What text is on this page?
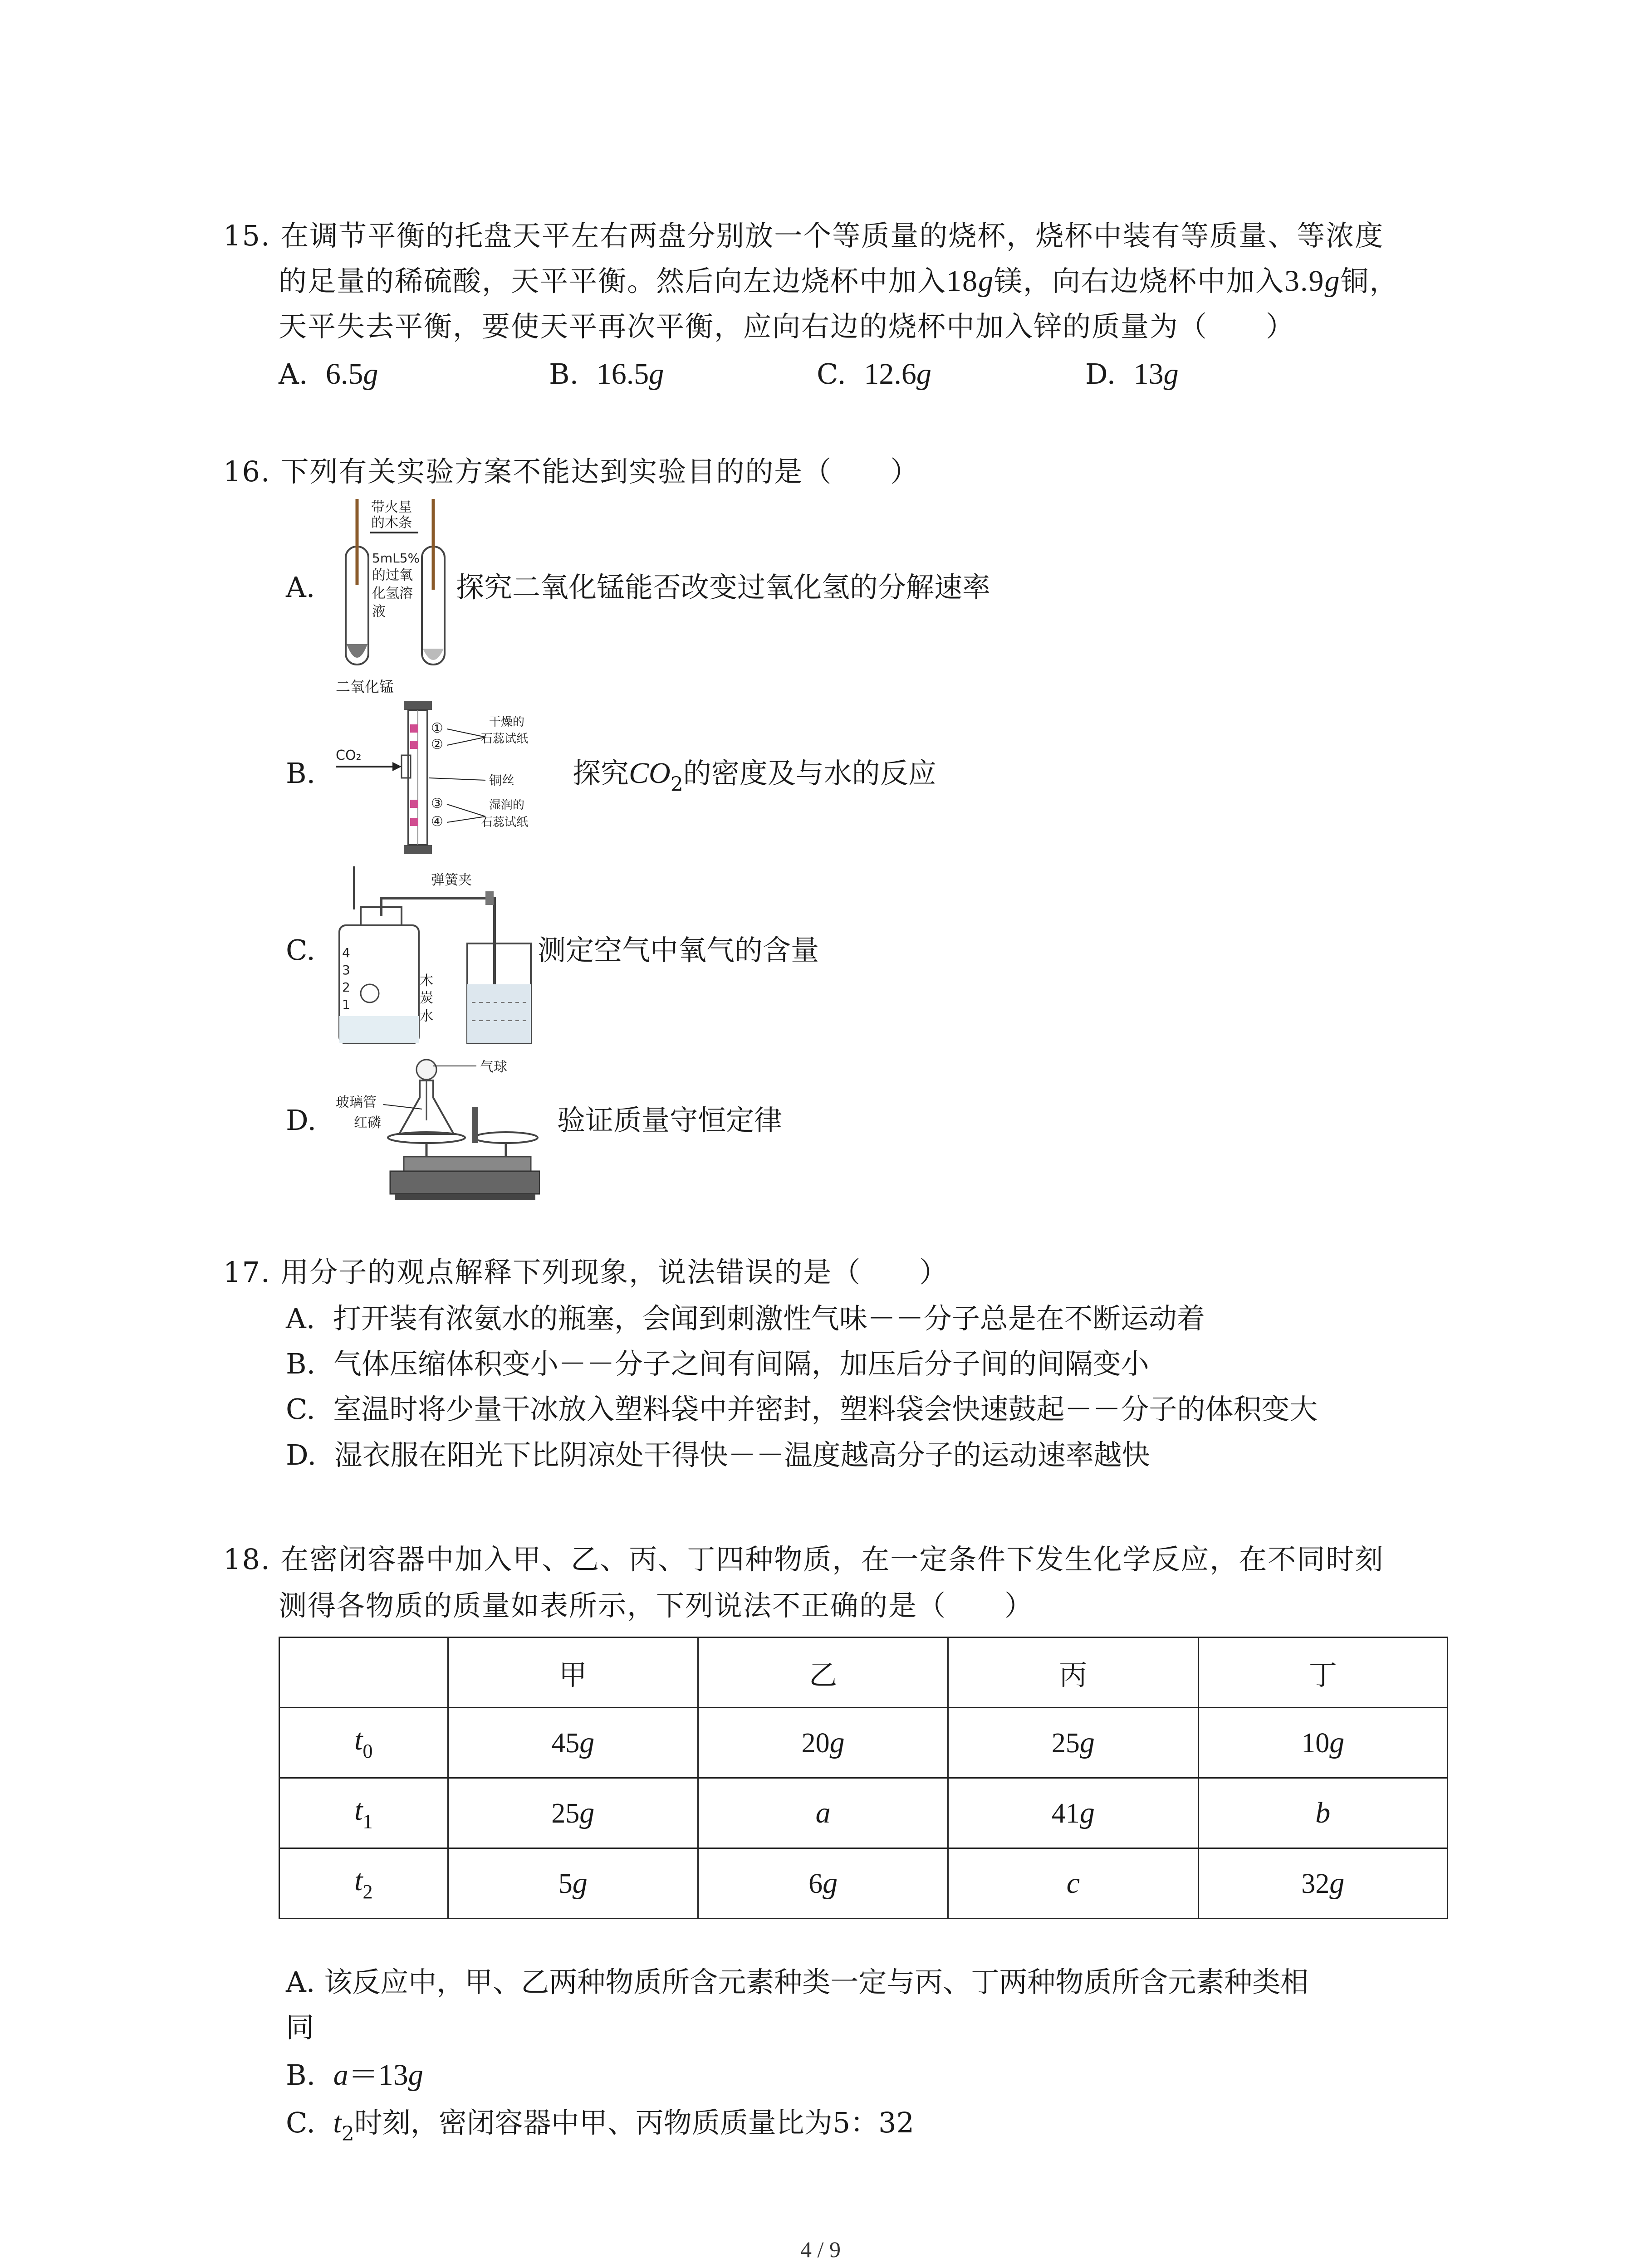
15. 在调节平衡的托盘天平左右两盘分别放一个等质量的烧杯，烧杯中装有等质量、等浓度
的足量的稀硫酸，天平平衡。然后向左边烧杯中加入18g镁，向右边烧杯中加入3.9g铜，
天平失去平衡，要使天平再次平衡，应向右边的烧杯中加入锌的质量为（　　）
A. 6.5g	B. 16.5g	C. 12.6g	D. 13g
16. 下列有关实验方案不能达到实验目的的是（　　）
A.
带火星
的木条
5mL5%
的过氧
化氢溶
液
二氧化锰
探究二氧化锰能否改变过氧化氢的分解速率
B.
CO₂
①
②
③
④
干燥的
石蕊试纸
铜丝
湿润的
石蕊试纸
探究$CO_2$的密度及与水的反应
C. 4
3
2
1
木
炭
水
弹簧夹
测定空气中氧气的含量
D.
气球
玻璃管
红磷	验证质量守恒定律
17. 用分子的观点解释下列现象，说法错误的是（　　）
A. 打开装有浓氨水的瓶塞，会闻到刺激性气味－－分子总是在不断运动着
B. 气体压缩体积变小－－分子之间有间隔，加压后分子间的间隔变小
C. 室温时将少量干冰放入塑料袋中并密封，塑料袋会快速鼓起－－分子的体积变大
D. 湿衣服在阳光下比阴凉处干得快－－温度越高分子的运动速率越快
18. 在密闭容器中加入甲、乙、丙、丁四种物质，在一定条件下发生化学反应，在不同时刻
测得各物质的质量如表所示，下列说法不正确的是（　　）
	甲	乙	丙	丁
$t_0$	45g	20g	25g	10g
$t_1$	25g	a	41g	b
$t_2$	5g	6g	c	32g
A. 该反应中，甲、乙两种物质所含元素种类一定与丙、丁两种物质所含元素种类相
同
B. a＝13g
C. $t_2$时刻，密闭容器中甲、丙物质质量比为5：32
4 / 9
